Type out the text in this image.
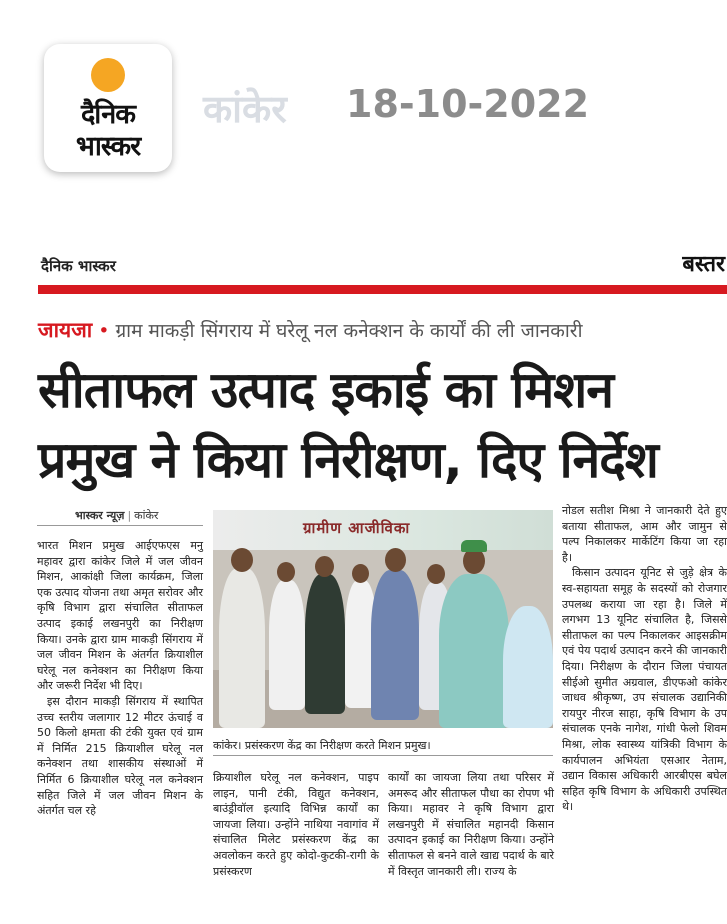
दैनिक
भास्कर
कांकेर 18-10-2022
दैनिक भास्कर	बस्तर
जायजा • ग्राम माकड़ी सिंगराय में घरेलू नल कनेक्शन के कार्यों की ली जानकारी
सीताफल उत्पाद इकाई का मिशन
प्रमुख ने किया निरीक्षण, दिए निर्देश
भास्कर न्यूज़ | कांकेर

भारत मिशन प्रमुख आईएफएस मनु महावर द्वारा कांकेर जिले में जल जीवन मिशन, आकांक्षी जिला कार्यक्रम, जिला एक उत्पाद योजना तथा अमृत सरोवर और कृषि विभाग द्वारा संचालित सीताफल उत्पाद इकाई लखनपुरी का निरीक्षण किया। उनके द्वारा ग्राम माकड़ी सिंगराय में जल जीवन मिशन के अंतर्गत क्रियाशील घरेलू नल कनेक्शन का निरीक्षण किया और जरूरी निर्देश भी दिए।

इस दौरान माकड़ी सिंगराय में स्थापित उच्च स्तरीय जलागार 12 मीटर ऊंचाई व 50 किलो क्षमता की टंकी युक्त एवं ग्राम में निर्मित 215 क्रियाशील घरेलू नल कनेक्शन तथा शासकीय संस्थाओं में निर्मित 6 क्रियाशील घरेलू नल कनेक्शन सहित जिले में जल जीवन मिशन के अंतर्गत चल रहे

ग्रामीण आजीविका
कांकेर। प्रसंस्करण केंद्र का निरीक्षण करते मिशन प्रमुख।

क्रियाशील घरेलू नल कनेक्शन, पाइप लाइन, पानी टंकी, विद्युत कनेक्शन, बाउंड्रीवॉल इत्यादि विभिन्न कार्यों का जायजा लिया। उन्होंने नाथिया नवागांव में संचालित मिलेट प्रसंस्करण केंद्र का अवलोकन करते हुए कोदो-कुटकी-रागी के प्रसंस्करण

कार्यों का जायजा लिया तथा परिसर में अमरूद और सीताफल पौधा का रोपण भी किया। महावर ने कृषि विभाग द्वारा लखनपुरी में संचालित महानदी किसान उत्पादन इकाई का निरीक्षण किया। उन्होंने सीताफल से बनने वाले खाद्य पदार्थ के बारे में विस्तृत जानकारी ली। राज्य के

नोडल सतीश मिश्रा ने जानकारी देते हुए बताया सीताफल, आम और जामुन से पल्प निकालकर मार्केटिंग किया जा रहा है।

किसान उत्पादन यूनिट से जुड़े क्षेत्र के स्व-सहायता समूह के सदस्यों को रोजगार उपलब्ध कराया जा रहा है। जिले में लगभग 13 यूनिट संचालित है, जिससे सीताफल का पल्प निकालकर आइसक्रीम एवं पेय पदार्थ उत्पादन करने की जानकारी दिया। निरीक्षण के दौरान जिला पंचायत सीईओ सुमीत अग्रवाल, डीएफओ कांकेर जाधव श्रीकृष्ण, उप संचालक उद्यानिकी रायपुर नीरज साहा, कृषि विभाग के उप संचालक एनके नागेश, गांधी फेलो शिवम मिश्रा, लोक स्वास्थ्य यांत्रिकी विभाग के कार्यपालन अभियंता एसआर नेताम, उद्यान विकास अधिकारी आरबीएस बघेल सहित कृषि विभाग के अधिकारी उपस्थित थे।
